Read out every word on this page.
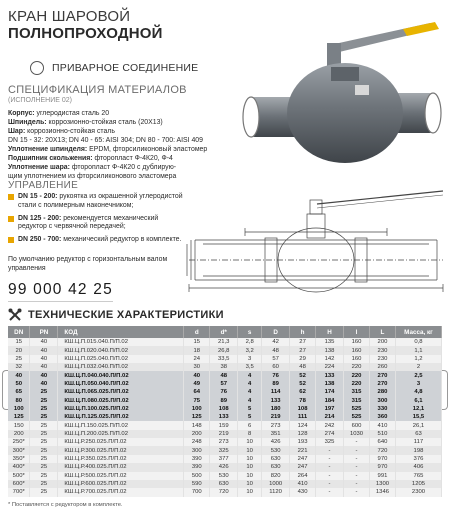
КРАН ШАРОВОЙ
ПОЛНОПРОХОДНОЙ
ПРИВАРНОЕ СОЕДИНЕНИЕ
СПЕЦИФИКАЦИЯ МАТЕРИАЛОВ
(ИСПОЛНЕНИЕ 02)
Корпус: углеродистая сталь 20
Шпиндель: коррозионно-стойкая сталь (20Х13)
Шар: коррозионно-стойкая сталь
DN 15 - 32: 20Х13; DN 40 - 65: AISI 304; DN 80 - 700: AISI 409
Уплотнение шпинделя: EPDM, фторсиликоновый эластомер
Подшипник скольжения: фторопласт Ф-4К20, Ф-4
Уплотнение шара: фторопласт Ф-4К20 с дублирую-
щим уплотнением из фторсиликонового эластомера
УПРАВЛЕНИЕ
DN 15 - 200: рукоятка из окрашенной углеродистой стали с полимерным наконечником;
DN 125 - 200: рекомендуется механический редуктор с червячной передачей;
DN 250 - 700: механический редуктор в комплекте.
По умолчанию редуктор с горизонтальным валом управления
99 000 42 25
ТЕХНИЧЕСКИЕ ХАРАКТЕРИСТИКИ
DN	PN	КОД	d	d*	s	D	h	H	l	L	Масса, кг
15	40	КШ.Ц.П.015.040.П/П.02	15	21,3	2,8	42	27	135	160	200	0,8
20	40	КШ.Ц.П.020.040.П/П.02	18	26,8	3,2	48	27	138	160	230	1,1
25	40	КШ.Ц.П.025.040.П/П.02	24	33,5	3	57	29	142	160	230	1,2
32	40	КШ.Ц.П.032.040.П/П.02	30	38	3,5	60	48	224	220	260	2
40	40	КШ.Ц.П.040.040.П/П.02	40	48	4	76	52	133	220	270	2,5
50	40	КШ.Ц.П.050.040.П/П.02	49	57	4	89	52	138	220	270	3
65	25	КШ.Ц.П.065.025.П/П.02	64	76	4	114	62	174	315	280	4,8
80	25	КШ.Ц.П.080.025.П/П.02	75	89	4	133	78	184	315	300	6,1
100	25	КШ.Ц.П.100.025.П/П.02	100	108	5	180	108	197	525	330	12,1
125	25	КШ.Ц.П.125.025.П/П.02	125	133	5	219	111	214	525	360	15,5
150	25	КШ.Ц.П.150.025.П/П.02	148	159	6	273	124	242	600	410	26,1
200	25	КШ.Ц.П.200.025.П/П.02	200	219	8	351	128	274	1030	510	63
250*	25	КШ.Ц.Р.250.025.П/П.02	248	273	10	426	193	325	-	640	117
300*	25	КШ.Ц.Р.300.025.П/П.02	300	325	10	530	221	-	-	720	198
350*	25	КШ.Ц.Р.350.025.П/П.02	390	377	10	630	247	-	-	970	376
400*	25	КШ.Ц.Р.400.025.П/П.02	390	426	10	630	247	-	-	970	406
500*	25	КШ.Ц.Р.500.025.П/П.02	500	530	10	820	264	-	-	991	765
600*	25	КШ.Ц.Р.600.025.П/П.02	590	630	10	1000	410	-	-	1300	1205
700*	25	КШ.Ц.Р.700.025.П/П.02	700	720	10	1120	430	-	-	1346	2300
* Поставляется с редуктором в комплекте.
